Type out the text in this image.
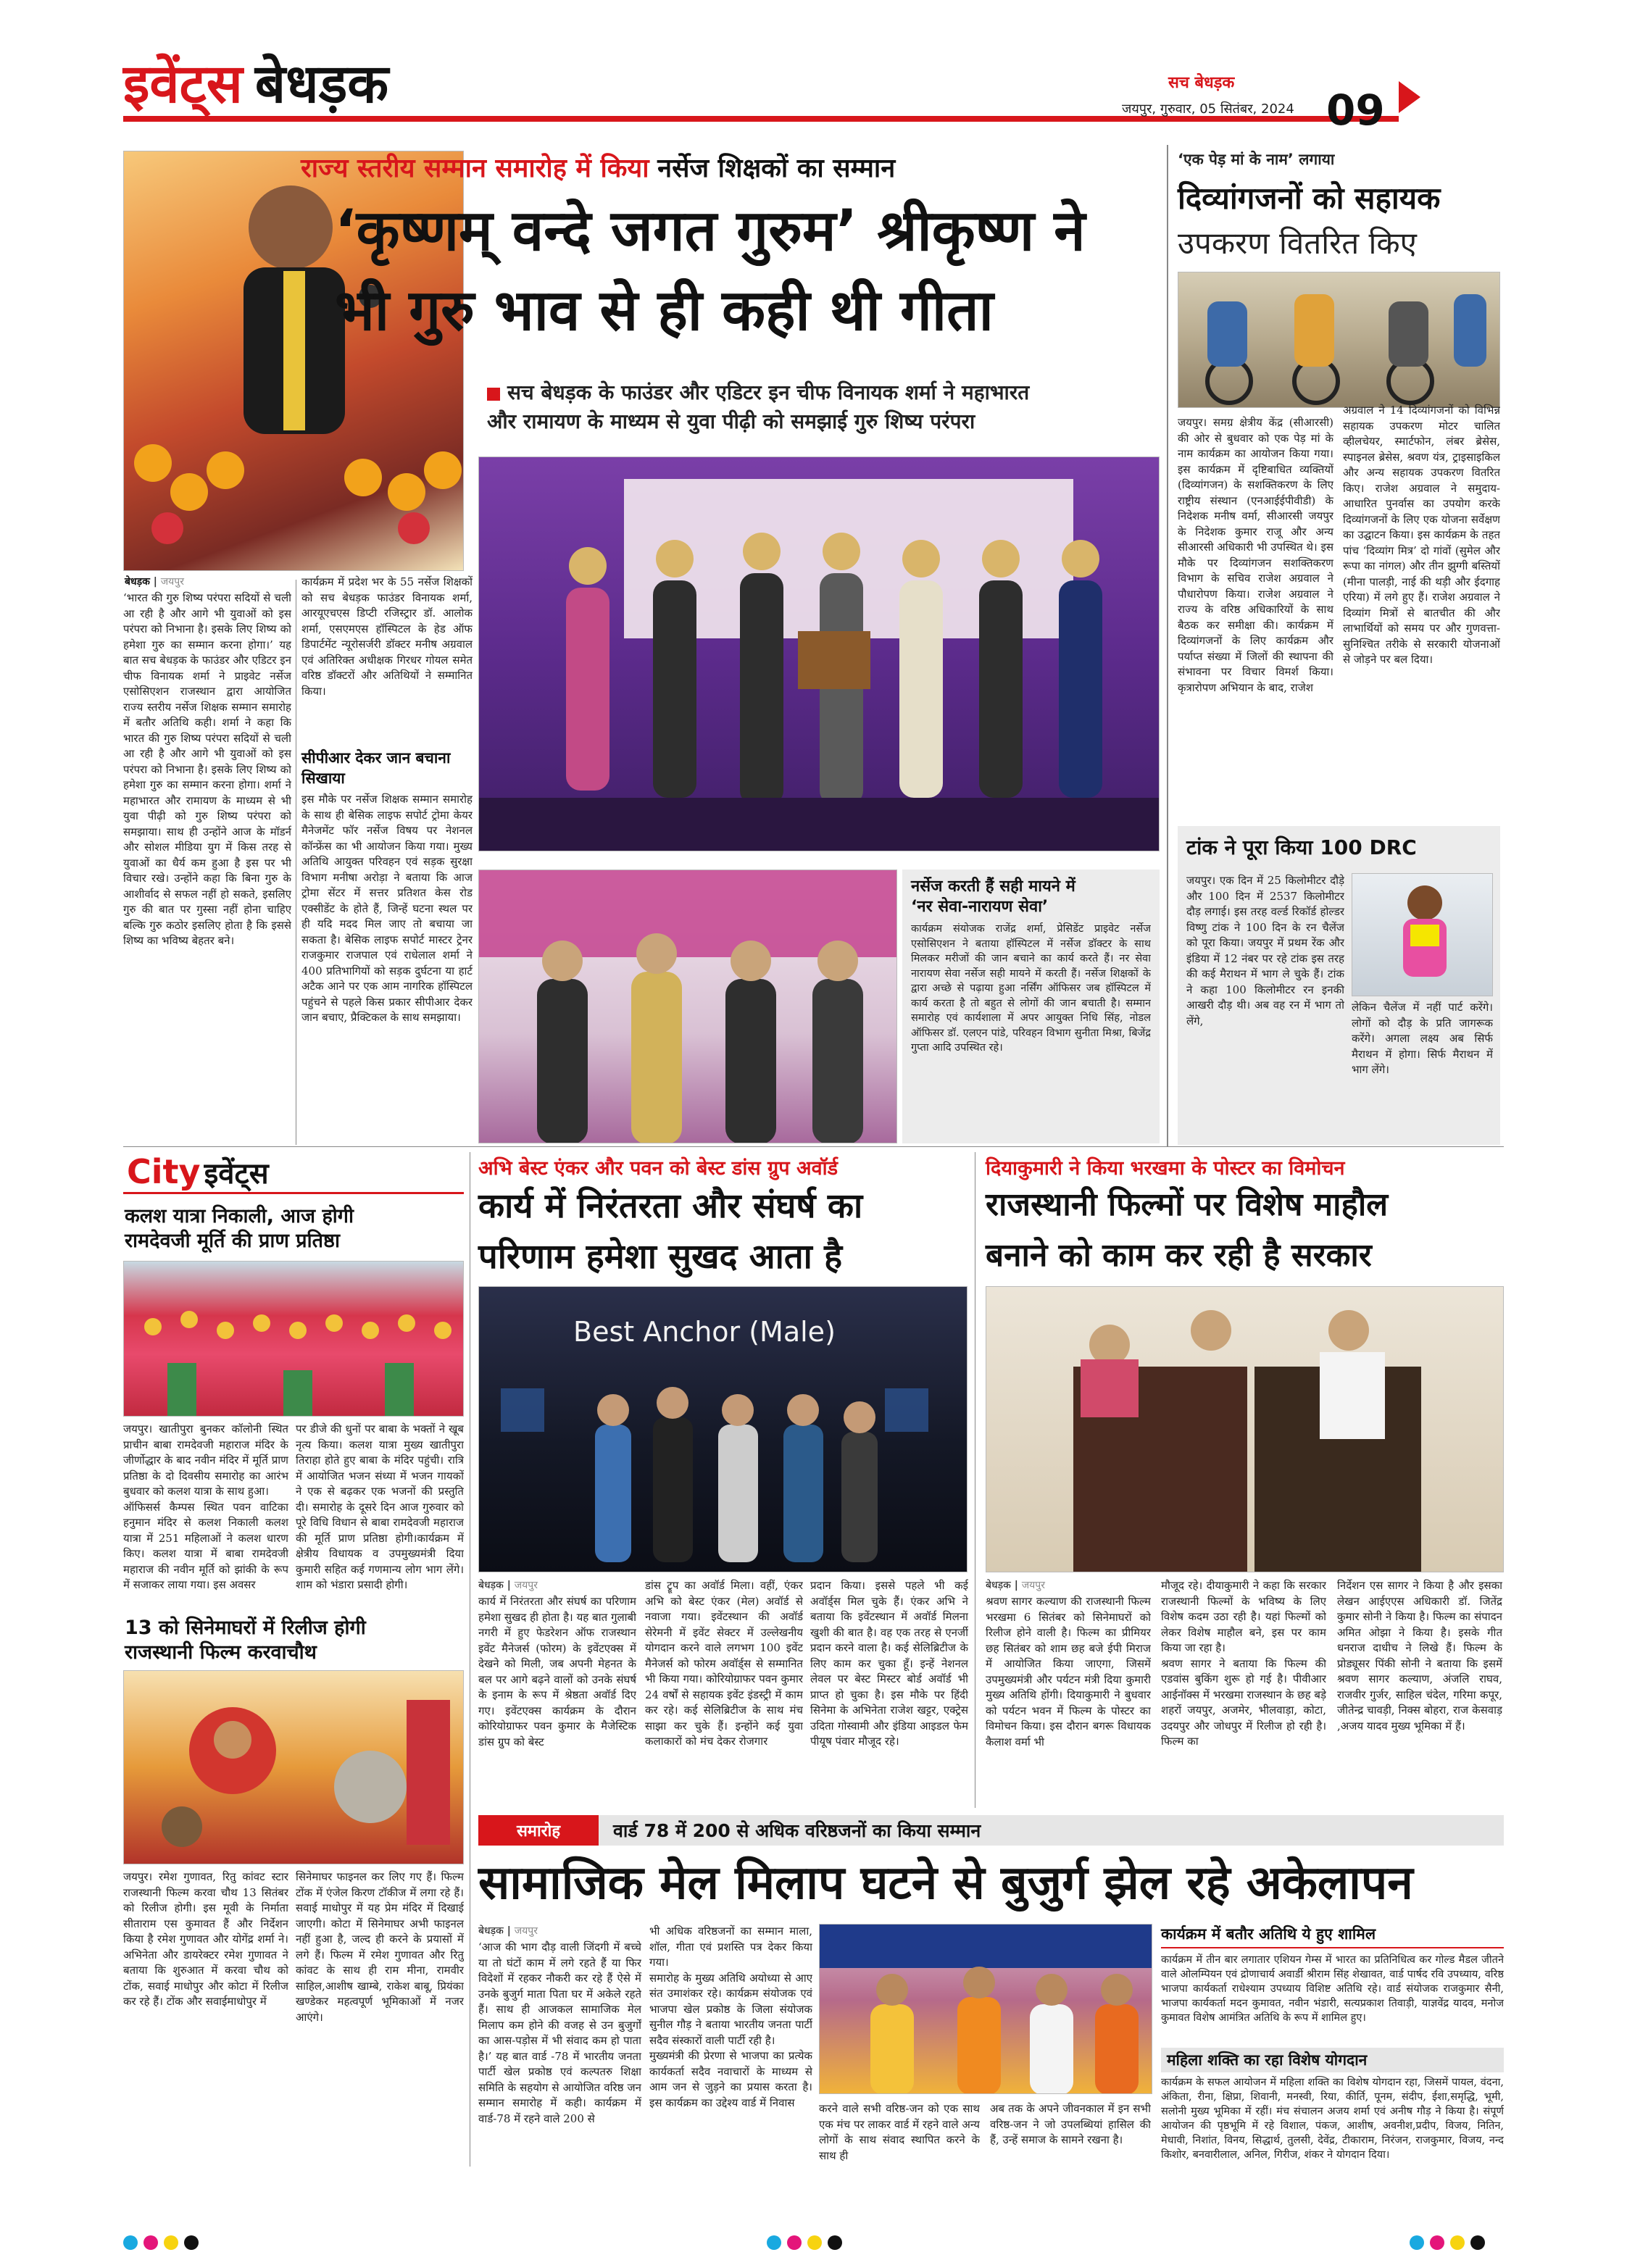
इवेंट्स बेधड़क	सच बेधड़क
जयपुर, गुरुवार, 05 सितंबर, 2024 09
राज्य स्तरीय सम्मान समारोह में किया नर्सेज शिक्षकों का सम्मान
‘कृष्णम् वन्दे जगत गुरुम’ श्रीकृष्ण ने
भी गुरु भाव से ही कही थी गीता
सच बेधड़क के फाउंडर और एडिटर इन चीफ विनायक शर्मा ने महाभारत
और रामायण के माध्यम से युवा पीढ़ी को समझाई गुरु शिष्य परंपरा
बेधड़क | जयपुर
‘भारत की गुरु शिष्य परंपरा सदियों से चली आ रही है और आगे भी युवाओं को इस परंपरा को निभाना है। इसके लिए शिष्य को हमेशा गुरु का सम्मान करना होगा।’ यह बात सच बेधड़क के फाउंडर और एडिटर इन चीफ विनायक शर्मा ने प्राइवेट नर्सेज एसोसिएशन राजस्थान द्वारा आयोजित राज्य स्तरीय नर्सेज शिक्षक सम्मान समारोह में बतौर अतिथि कही। शर्मा ने कहा कि भारत की गुरु शिष्य परंपरा सदियों से चली आ रही है और आगे भी युवाओं को इस परंपरा को निभाना है। इसके लिए शिष्य को हमेशा गुरु का सम्मान करना होगा। शर्मा ने महाभारत और रामायण के माध्यम से भी युवा पीढ़ी को गुरु शिष्य परंपरा को समझाया। साथ ही उन्होंने आज के मॉडर्न और सोशल मीडिया युग में किस तरह से युवाओं का धैर्य कम हुआ है इस पर भी विचार रखे। उन्होंने कहा कि बिना गुरु के आशीर्वाद से सफल नहीं हो सकते, इसलिए गुरु की बात पर गुस्सा नहीं होना चाहिए बल्कि गुरु कठोर इसलिए होता है कि इससे शिष्य का भविष्य बेहतर बने।
कार्यक्रम में प्रदेश भर के 55 नर्सेज शिक्षकों को सच बेधड़क फाउंडर विनायक शर्मा, आरयूएचएस डिप्टी रजिस्ट्रार डॉ. आलोक शर्मा, एसएमएस हॉस्पिटल के हेड ऑफ डिपार्टमेंट न्यूरोसर्जरी डॉक्टर मनीष अग्रवाल एवं अतिरिक्त अधीक्षक गिरधर गोयल समेत वरिष्ठ डॉक्टरों और अतिथियों ने सम्मानित किया।
सीपीआर देकर जान बचाना सिखाया
इस मौके पर नर्सेज शिक्षक सम्मान समारोह के साथ ही बेसिक लाइफ सपोर्ट ट्रोमा केयर मैनेजमेंट फॉर नर्सेज विषय पर नेशनल कॉन्फ्रेंस का भी आयोजन किया गया। मुख्य अतिथि आयुक्त परिवहन एवं सड़क सुरक्षा विभाग मनीषा अरोड़ा ने बताया कि आज ट्रोमा सेंटर में सत्तर प्रतिशत केस रोड एक्सीडेंट के होते हैं, जिन्हें घटना स्थल पर ही यदि मदद मिल जाए तो बचाया जा सकता है। बेसिक लाइफ सपोर्ट मास्टर ट्रेनर राजकुमार राजपाल एवं राधेलाल शर्मा ने 400 प्रतिभागियों को सड़क दुर्घटना या हार्ट अटैक आने पर एक आम नागरिक हॉस्पिटल पहुंचने से पहले किस प्रकार सीपीआर देकर जान बचाए, प्रैक्टिकल के साथ समझाया।
नर्सेज करती हैं सही मायने में
‘नर सेवा-नारायण सेवा’
कार्यक्रम संयोजक राजेंद्र शर्मा, प्रेसिडेंट प्राइवेट नर्सेज एसोसिएशन ने बताया हॉस्पिटल में नर्सेज डॉक्टर के साथ मिलकर मरीजों की जान बचाने का कार्य करते हैं। नर सेवा नारायण सेवा नर्सेज सही मायने में करती हैं। नर्सेज शिक्षकों के द्वारा अच्छे से पढ़ाया हुआ नर्सिंग ऑफिसर जब हॉस्पिटल में कार्य करता है तो बहुत से लोगों की जान बचाती है। सम्मान समारोह एवं कार्यशाला में अपर आयुक्त निधि सिंह, नोडल ऑफिसर डॉ. एलएन पांडे, परिवहन विभाग सुनीता मिश्रा, बिजेंद्र गुप्ता आदि उपस्थित रहे।
‘एक पेड़ मां के नाम’ लगाया
दिव्यांगजनों को सहायक
उपकरण वितरित किए
जयपुर। समग्र क्षेत्रीय केंद्र (सीआरसी) की ओर से बुधवार को एक पेड़ मां के नाम कार्यक्रम का आयोजन किया गया। इस कार्यक्रम में दृष्टिबाधित व्यक्तियों (दिव्यांगजन) के सशक्तिकरण के लिए राष्ट्रीय संस्थान (एनआईईपीवीडी) के निदेशक मनीष वर्मा, सीआरसी जयपुर के निदेशक कुमार राजू और अन्य सीआरसी अधिकारी भी उपस्थित थे। इस मौके पर दिव्यांगजन सशक्तिकरण विभाग के सचिव राजेश अग्रवाल ने पौधारोपण किया। राजेश अग्रवाल ने राज्य के वरिष्ठ अधिकारियों के साथ बैठक कर समीक्षा की। कार्यक्रम में दिव्यांगजनों के लिए कार्यक्रम और पर्याप्त संख्या में जिलों की स्थापना की संभावना पर विचार विमर्श किया। कृत्रारोपण अभियान के बाद, राजेश
अग्रवाल ने 14 दिव्यांगजनों को विभिन्न सहायक उपकरण मोटर चालित व्हीलचेयर, स्मार्टफोन, लंबर ब्रेसेस, स्पाइनल ब्रेसेस, श्रवण यंत्र, ट्राइसाइकिल और अन्य सहायक उपकरण वितरित किए। राजेश अग्रवाल ने समुदाय-आधारित पुनर्वास का उपयोग करके दिव्यांगजनों के लिए एक योजना सर्वेक्षण का उद्घाटन किया। इस कार्यक्रम के तहत पांच ‘दिव्यांग मित्र’ दो गांवों (सुमेल और रूपा का नांगल) और तीन झुग्गी बस्तियों (मीना पालड़ी, नाई की थड़ी और ईदगाह एरिया) में लगे हुए हैं। राजेश अग्रवाल ने दिव्यांग मित्रों से बातचीत की और लाभार्थियों को समय पर और गुणवत्ता-सुनिश्चित तरीके से सरकारी योजनाओं से जोड़ने पर बल दिया।
टांक ने पूरा किया 100 DRC
जयपुर। एक दिन में 25 किलोमीटर दौड़े और 100 दिन में 2537 किलोमीटर दौड़ लगाई। इस तरह वर्ल्ड रिकॉर्ड होल्डर विष्णु टांक ने 100 दिन के रन चैलेंज को पूरा किया। जयपुर में प्रथम रेंक और इंडिया में 12 नंबर पर रहे टांक इस तरह की कई मैराथन में भाग ले चुके हैं। टांक ने कहा 100 किलोमीटर रन इनकी आखरी दौड़ थी। अब वह रन में भाग तो लेंगे,
लेकिन चैलेंज में नहीं पार्ट करेंगे। लोगों को दौड़ के प्रति जागरूक करेंगे। अगला लक्ष्य अब सिर्फ मैराथन में होगा। सिर्फ मैराथन में भाग लेंगे।
City इवेंट्स
कलश यात्रा निकाली, आज होगी
रामदेवजी मूर्ति की प्राण प्रतिष्ठा
जयपुर। खातीपुरा बुनकर कॉलोनी स्थित प्राचीन बाबा रामदेवजी महाराज मंदिर के जीर्णोद्धार के बाद नवीन मंदिर में मूर्ति प्राण प्रतिष्ठा के दो दिवसीय समारोह का आरंभ बुधवार को कलश यात्रा के साथ हुआ।
ऑफिसर्स कैम्पस स्थित पवन वाटिका हनुमान मंदिर से कलश निकाली कलश यात्रा में 251 महिलाओं ने कलश धारण किए। कलश यात्रा में बाबा रामदेवजी महाराज की नवीन मूर्ति को झांकी के रूप में सजाकर लाया गया। इस अवसर
पर डीजे की धुनों पर बाबा के भक्तों ने खूब नृत्य किया। कलश यात्रा मुख्य खातीपुरा तिराहा होते हुए बाबा के मंदिर पहुंची। रात्रि में आयोजित भजन संध्या में भजन गायकों ने एक से बढ़कर एक भजनों की प्रस्तुति दी। समारोह के दूसरे दिन आज गुरुवार को पूरे विधि विधान से बाबा रामदेवजी महाराज की मूर्ति प्राण प्रतिष्ठा होगी।कार्यक्रम में क्षेत्रीय विधायक व उपमुख्यमंत्री दिया कुमारी सहित कई गणमान्य लोग भाग लेंगे। शाम को भंडारा प्रसादी होगी।
13 को सिनेमाघरों में रिलीज होगी
राजस्थानी फिल्म करवाचौथ
जयपुर। रमेश गुणावत, रितु कांवट स्टार राजस्थानी फिल्म करवा चौथ 13 सितंबर को रिलीज होगी। इस मूवी के निर्माता सीताराम एस कुमावत हैं और निर्देशन किया है रमेश गुणावत और योगेंद्र शर्मा ने। अभिनेता और डायरेक्टर रमेश गुणावत ने बताया कि शुरुआत में करवा चौथ को टोंक, सवाई माधोपुर और कोटा में रिलीज कर रहे हैं। टोंक और सवाईमाधोपुर में
सिनेमाघर फाइनल कर लिए गए हैं। फिल्म टोंक में एंजेल किरण टॉकीज में लगा रहे हैं। सवाई माधोपुर में यह प्रेम मंदिर में दिखाई जाएगी। कोटा में सिनेमाघर अभी फाइनल नहीं हुआ है, जल्द ही करने के प्रयासों में लगे हैं। फिल्म में रमेश गुणावत और रितु कांवट के साथ ही राम मीना, रामवीर साहिल,आशीष खाम्बे, राकेश बाबू, प्रियंका खण्डेकर महत्वपूर्ण भूमिकाओं में नजर आएंगे।
अभि बेस्ट एंकर और पवन को बेस्ट डांस ग्रुप अवॉर्ड
कार्य में निरंतरता और संघर्ष का
परिणाम हमेशा सुखद आता है
Best Anchor (Male)
बेधड़क | जयपुर
कार्य में निरंतरता और संघर्ष का परिणाम हमेशा सुखद ही होता है। यह बात गुलाबी नगरी में हुए फेडरेशन ऑफ राजस्थान इवेंट मैनेजर्स (फोरम) के इवेंटएक्स में देखने को मिली, जब अपनी मेहनत के बल पर आगे बढ़ने वालों को उनके संघर्ष के इनाम के रूप में श्रेष्ठता अवॉर्ड दिए गए। इवेंटएक्स कार्यक्रम के दौरान कोरियोग्राफर पवन कुमार के मैजेस्टिक डांस ग्रुप को बेस्ट
डांस ट्रूप का अवॉर्ड मिला। वहीं, एंकर अभि को बेस्ट एंकर (मेल) अवॉर्ड से नवाजा गया। इवेंटस्थान की अवॉर्ड सेरेमनी में इवेंट सेक्टर में उल्लेखनीय योगदान करने वाले लगभग 100 इवेंट मैनेजर्स को फोरम अवॉर्ड्स से सम्मानित भी किया गया। कोरियोग्राफर पवन कुमार 24 वर्षों से सहायक इवेंट इंडस्ट्री में काम कर रहे। कई सेलिब्रिटीज के साथ मंच साझा कर चुके हैं। इन्होंने कई युवा कलाकारों को मंच देकर रोजगार
प्रदान किया। इससे पहले भी कई अवॉर्ड्स मिल चुके हैं। एंकर अभि ने बताया कि इवेंटस्थान में अवॉर्ड मिलना खुशी की बात है। वह एक तरह से एनर्जी प्रदान करने वाला है। कई सेलिब्रिटीज के लिए काम कर चुका हूँ। इन्हें नेशनल लेवल पर बेस्ट मिस्टर बोर्ड अवॉर्ड भी प्राप्त हो चुका है। इस मौके पर हिंदी सिनेमा के अभिनेता राजेश खट्टर, एक्ट्रेस उदिता गोस्वामी और इंडिया आइडल फेम पीयूष पंवार मौजूद रहे।
दियाकुमारी ने किया भरखमा के पोस्टर का विमोचन
राजस्थानी फिल्मों पर विशेष माहौल
बनाने को काम कर रही है सरकार
बेधड़क | जयपुर
श्रवण सागर कल्याण की राजस्थानी फिल्म भरखमा 6 सितंबर को सिनेमाघरों को रिलीज होने वाली है। फिल्म का प्रीमियर छह सितंबर को शाम छह बजे ईपी मिराज में आयोजित किया जाएगा, जिसमें उपमुख्यमंत्री और पर्यटन मंत्री दिया कुमारी मुख्य अतिथि होंगी। दियाकुमारी ने बुधवार को पर्यटन भवन में फिल्म के पोस्टर का विमोचन किया। इस दौरान बगरू विधायक कैलाश वर्मा भी
मौजूद रहे। दीयाकुमारी ने कहा कि सरकार राजस्थानी फिल्मों के भविष्य के लिए विशेष कदम उठा रही है। यहां फिल्मों को लेकर विशेष माहौल बने, इस पर काम किया जा रहा है।
श्रवण सागर ने बताया कि फिल्म की एडवांस बुकिंग शुरू हो गई है। पीवीआर आईनॉक्स में भरखमा राजस्थान के छह बड़े शहरों जयपुर, अजमेर, भीलवाड़ा, कोटा, उदयपुर और जोधपुर में रिलीज हो रही है। फिल्म का
निर्देशन एस सागर ने किया है और इसका लेखन आईएएस अधिकारी डॉ. जितेंद्र कुमार सोनी ने किया है। फिल्म का संपादन अमित ओझा ने किया है। इसके गीत धनराज दाधीच ने लिखे हैं। फिल्म के प्रोड्यूसर पिंकी सोनी ने बताया कि इसमें श्रवण सागर कल्याण, अंजलि राघव, राजवीर गुर्जर, साहिल चंदेल, गरिमा कपूर, जीतेन्द्र चावड़ी, निक्स बोहरा, राज केसवाड़ ,अजय यादव मुख्य भूमिका में हैं।
समारोह	वार्ड 78 में 200 से अधिक वरिष्ठजनों का किया सम्मान
सामाजिक मेल मिलाप घटने से बुजुर्ग झेल रहे अकेलापन
बेधड़क | जयपुर
‘आज की भाग दौड़ वाली जिंदगी में बच्चे या तो घंटों काम में लगे रहते हैं या फिर विदेशों में रहकर नौकरी कर रहे हैं ऐसे में उनके बुजुर्ग माता पिता घर में अकेले रहते हैं। साथ ही आजकल सामाजिक मेल मिलाप कम होने की वजह से उन बुजुर्गों का आस-पड़ोस में भी संवाद कम हो पाता है।’ यह बात वार्ड -78 में भारतीय जनता पार्टी खेल प्रकोष्ठ एवं कल्पतरु शिक्षा समिति के सहयोग से आयोजित वरिष्ठ जन सम्मान समारोह में कही। कार्यक्रम में वार्ड-78 में रहने वाले 200 से
भी अधिक वरिष्ठजनों का सम्मान माला, शॉल, गीता एवं प्रशस्ति पत्र देकर किया गया।
समारोह के मुख्य अतिथि अयोध्या से आए संत उमाशंकर रहे। कार्यक्रम संयोजक एवं भाजपा खेल प्रकोष्ठ के जिला संयोजक सुनील गौड़ ने बताया भारतीय जनता पार्टी सदैव संस्कारों वाली पार्टी रही है।
मुख्यमंत्री की प्रेरणा से भाजपा का प्रत्येक कार्यकर्ता सदैव नवाचारों के माध्यम से आम जन से जुड़ने का प्रयास करता है। इस कार्यक्रम का उद्देश्य वार्ड में निवास	करने वाले सभी वरिष्ठ-जन को एक साथ एक मंच पर लाकर वार्ड में रहने वाले अन्य लोगों के साथ संवाद स्थापित करने के साथ ही
अब तक के अपने जीवनकाल में इन सभी वरिष्ठ-जन ने जो उपलब्धियां हासिल की हैं, उन्हें समाज के सामने रखना है।
कार्यक्रम में बतौर अतिथि ये हुए शामिल
कार्यक्रम में तीन बार लगातार एशियन गेम्स में भारत का प्रतिनिधित्व कर गोल्ड मैडल जीतने वाले ओलम्पियन एवं द्रोणाचार्य अवार्डी श्रीराम सिंह शेखावत, वार्ड पार्षद रवि उपध्याय, वरिष्ठ भाजपा कार्यकर्ता राधेश्याम उपध्याय विशिष्ट अतिथि रहे। वार्ड संयोजक राजकुमार सैनी, भाजपा कार्यकर्ता मदन कुमावत, नवीन भंडारी, सत्यप्रकाश तिवाड़ी, याज्ञवेंद्र यादव, मनोज कुमावत विशेष आमंत्रित अतिथि के रूप में शामिल हुए।
महिला शक्ति का रहा विशेष योगदान
कार्यक्रम के सफल आयोजन में महिला शक्ति का विशेष योगदान रहा, जिसमें पायल, वंदना, अंकिता, रीना, क्षिप्रा, शिवानी, मनस्वी, रिया, कीर्ति, पूनम, संदीप, ईशा,समृद्धि, भूमी, सलोनी मुख्य भूमिका में रहीं। मंच संचालन अजय शर्मा एवं अनीष गौड़ ने किया है। संपूर्ण आयोजन की पृष्ठभूमि में रहे विशाल, पंकज, आशीष, अवनीश,प्रदीप, विजय, नितिन, मेधावी, निशांत, विनय, सिद्धार्थ, तुलसी, देवेंद्र, टीकाराम, निरंजन, राजकुमार, विजय, नन्द किशोर, बनवारीलाल, अनिल, गिरीज, शंकर ने योगदान दिया।
